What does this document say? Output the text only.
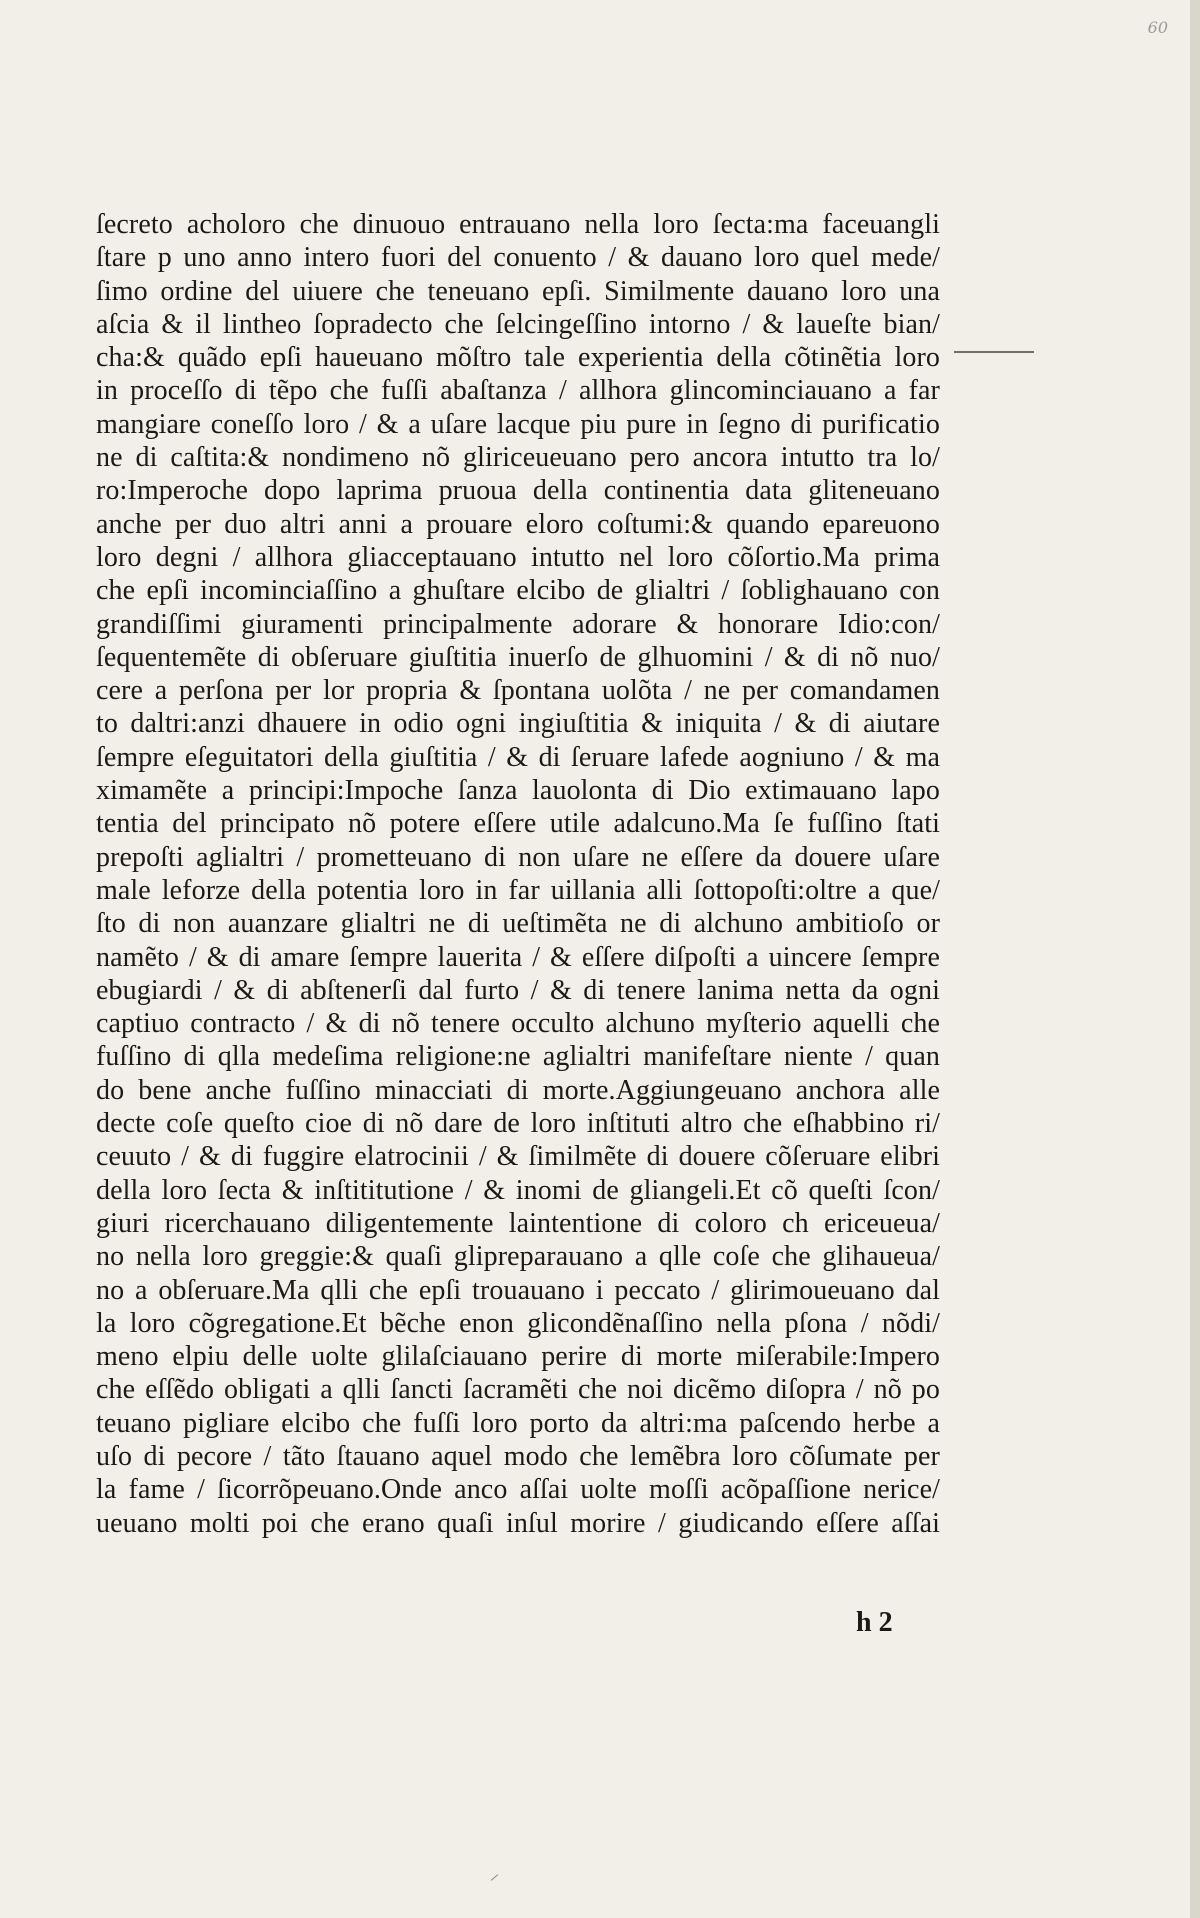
60

ſecreto acholoro che dinuouo entrauano nella loro ſecta:ma faceuangli
ſtare p uno anno intero fuori del conuento / & dauano loro quel mede/
ſimo ordine del uiuere che teneuano epſi. Similmente dauano loro una
aſcia & il lintheo ſopradecto che ſelcingeſſino intorno / & laueſte bian/
cha:& quãdo epſi haueuano mõſtro tale experientia della cõtinẽtia loro
in proceſſo di tẽpo che fuſſi abaſtanza / allhora glincominciauano a far
mangiare coneſſo loro / & a uſare lacque piu pure in ſegno di purificatio
ne di caſtita:& nondimeno nõ gliriceueuano pero ancora intutto tra lo/
ro:Imperoche dopo laprima pruoua della continentia data gliteneuano
anche per duo altri anni a prouare eloro coſtumi:& quando epareuono
loro degni / allhora gliacceptauano intutto nel loro cõſortio.Ma prima
che epſi incominciaſſino a ghuſtare elcibo de glialtri / ſoblighauano con
grandiſſimi giuramenti principalmente adorare & honorare Idio:con/
ſequentemẽte di obſeruare giuſtitia inuerſo de glhuomini / & di nõ nuo/
cere a perſona per lor propria & ſpontana uolõta / ne per comandamen
to daltri:anzi dhauere in odio ogni ingiuſtitia & iniquita / & di aiutare
ſempre eſeguitatori della giuſtitia / & di ſeruare lafede aogniuno / & ma
ximamẽte a principi:Impoche ſanza lauolonta di Dio extimauano lapo
tentia del principato nõ potere eſſere utile adalcuno.Ma ſe fuſſino ſtati
prepoſti aglialtri / prometteuano di non uſare ne eſſere da douere uſare
male leforze della potentia loro in far uillania alli ſottopoſti:oltre a que/
ſto di non auanzare glialtri ne di ueſtimẽta ne di alchuno ambitioſo or
namẽto / & di amare ſempre lauerita / & eſſere diſpoſti a uincere ſempre
ebugiardi / & di abſtenerſi dal furto / & di tenere lanima netta da ogni
captiuo contracto / & di nõ tenere occulto alchuno myſterio aquelli che
fuſſino di qlla medeſima religione:ne aglialtri manifeſtare niente / quan
do bene anche fuſſino minacciati di morte.Aggiungeuano anchora alle
decte coſe queſto cioe di nõ dare de loro inſtituti altro che eſhabbino ri/
ceuuto / & di fuggire elatrocinii / & ſimilmẽte di douere cõſeruare elibri
della loro ſecta & inſtititutione / & inomi de gliangeli.Et cõ queſti ſcon/
giuri ricerchauano diligentemente laintentione di coloro ch ericeueua/
no nella loro greggie:& quaſi glipreparauano a qlle coſe che glihaueua/
no a obſeruare.Ma qlli che epſi trouauano i peccato / glirimoueuano dal
la loro cõgregatione.Et bẽche enon glicondẽnaſſino nella pſona / nõdi/
meno elpiu delle uolte glilaſciauano perire di morte miſerabile:Impero
che eſſẽdo obligati a qlli ſancti ſacramẽti che noi dicẽmo diſopra / nõ po
teuano pigliare elcibo che fuſſi loro porto da altri:ma paſcendo herbe a
uſo di pecore / tãto ſtauano aquel modo che lemẽbra loro cõſumate per
la fame / ſicorrõpeuano.Onde anco aſſai uolte moſſi acõpaſſione nerice/
ueuano molti poi che erano quaſi inſul morire / giudicando eſſere aſſai

h 2
